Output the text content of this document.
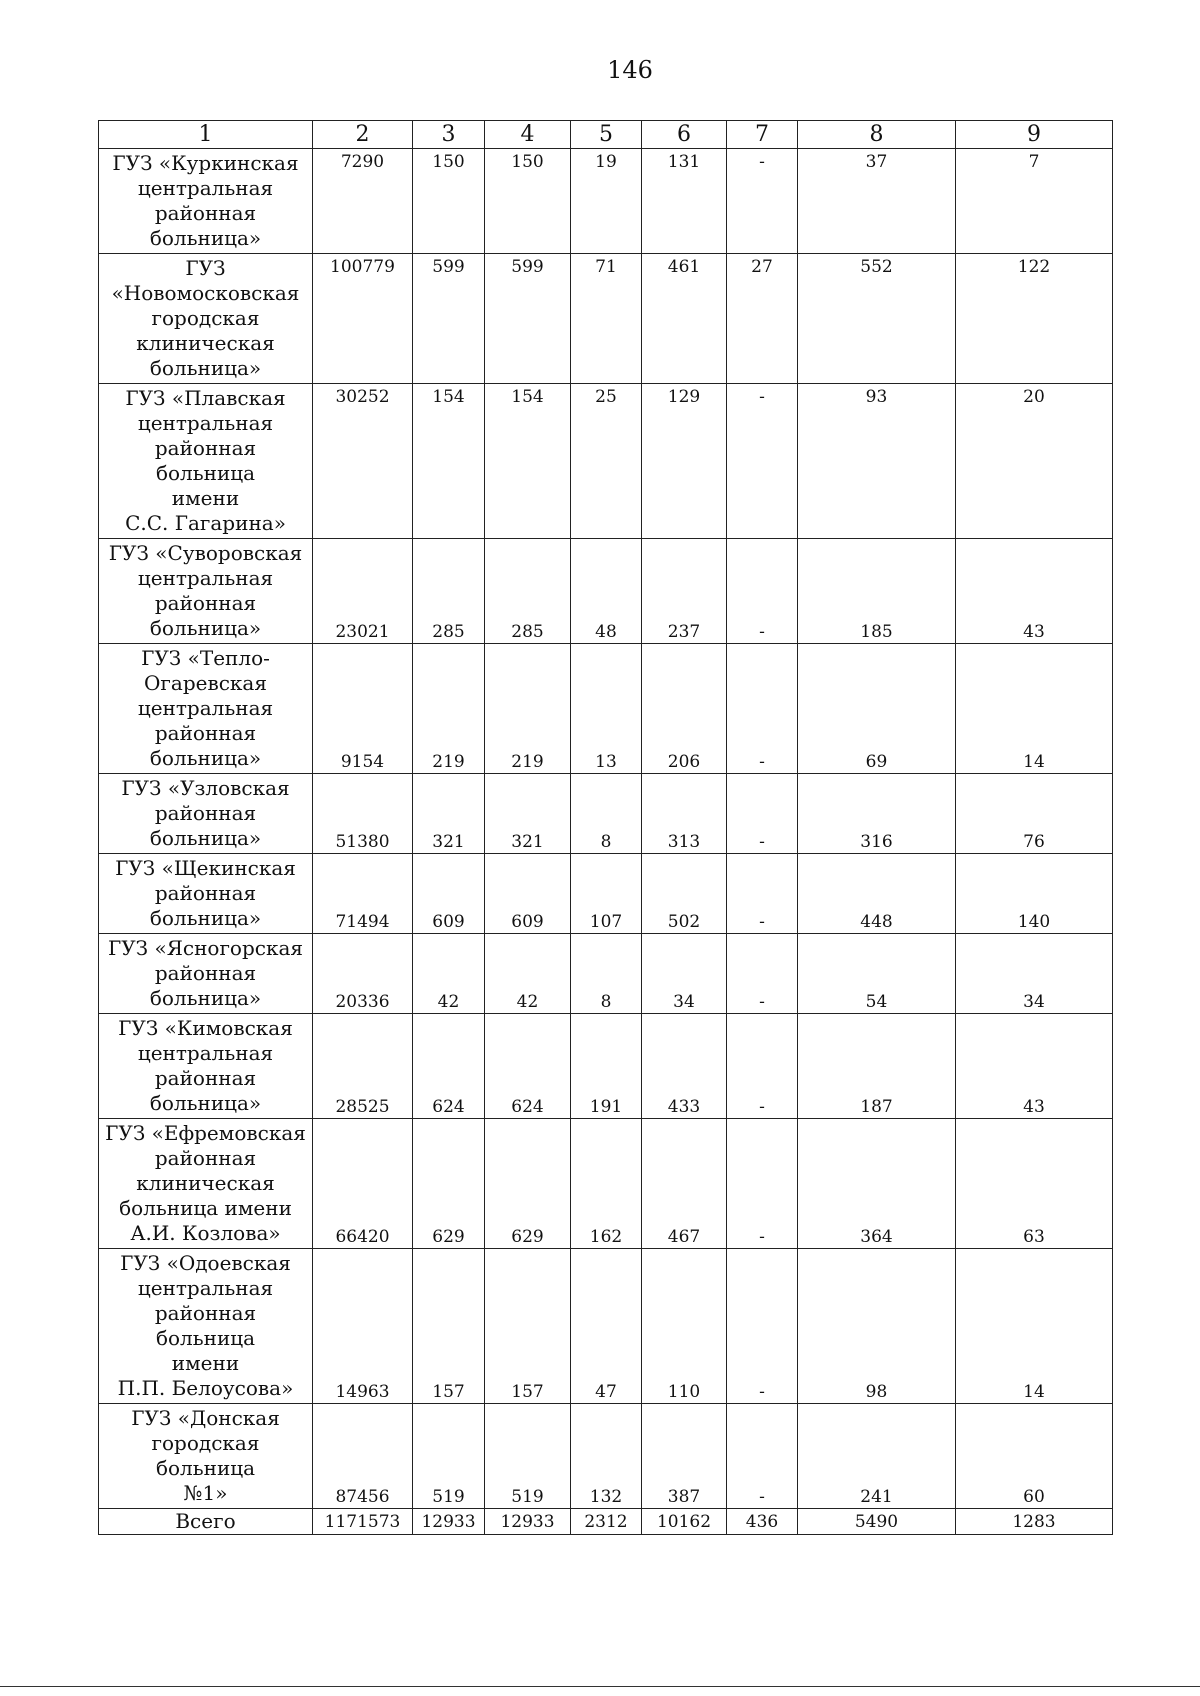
146
1	2	3	4	5	6	7	8	9
ГУЗ «Куркинская
центральная
районная
больница»	7290	150	150	19	131	-	37	7
ГУЗ
«Новомосковская
городская
клиническая
больница»	100779	599	599	71	461	27	552	122
ГУЗ «Плавская
центральная
районная больница
имени
С.С. Гагарина»	30252	154	154	25	129	-	93	20
ГУЗ «Суворовская
центральная
районная
больница»	23021	285	285	48	237	-	185	43
ГУЗ «Тепло-
Огаревская
центральная
районная
больница»	9154	219	219	13	206	-	69	14
ГУЗ «Узловская
районная
больница»	51380	321	321	8	313	-	316	76
ГУЗ «Щекинская
районная
больница»	71494	609	609	107	502	-	448	140
ГУЗ «Ясногорская
районная
больница»	20336	42	42	8	34	-	54	34
ГУЗ «Кимовская
центральная
районная
больница»	28525	624	624	191	433	-	187	43
ГУЗ «Ефремовская
районная
клиническая
больница имени
А.И. Козлова»	66420	629	629	162	467	-	364	63
ГУЗ «Одоевская
центральная
районная больница
имени
П.П. Белоусова»	14963	157	157	47	110	-	98	14
ГУЗ «Донская
городская больница
№1»	87456	519	519	132	387	-	241	60
Всего	1171573	12933	12933	2312	10162	436	5490	1283
